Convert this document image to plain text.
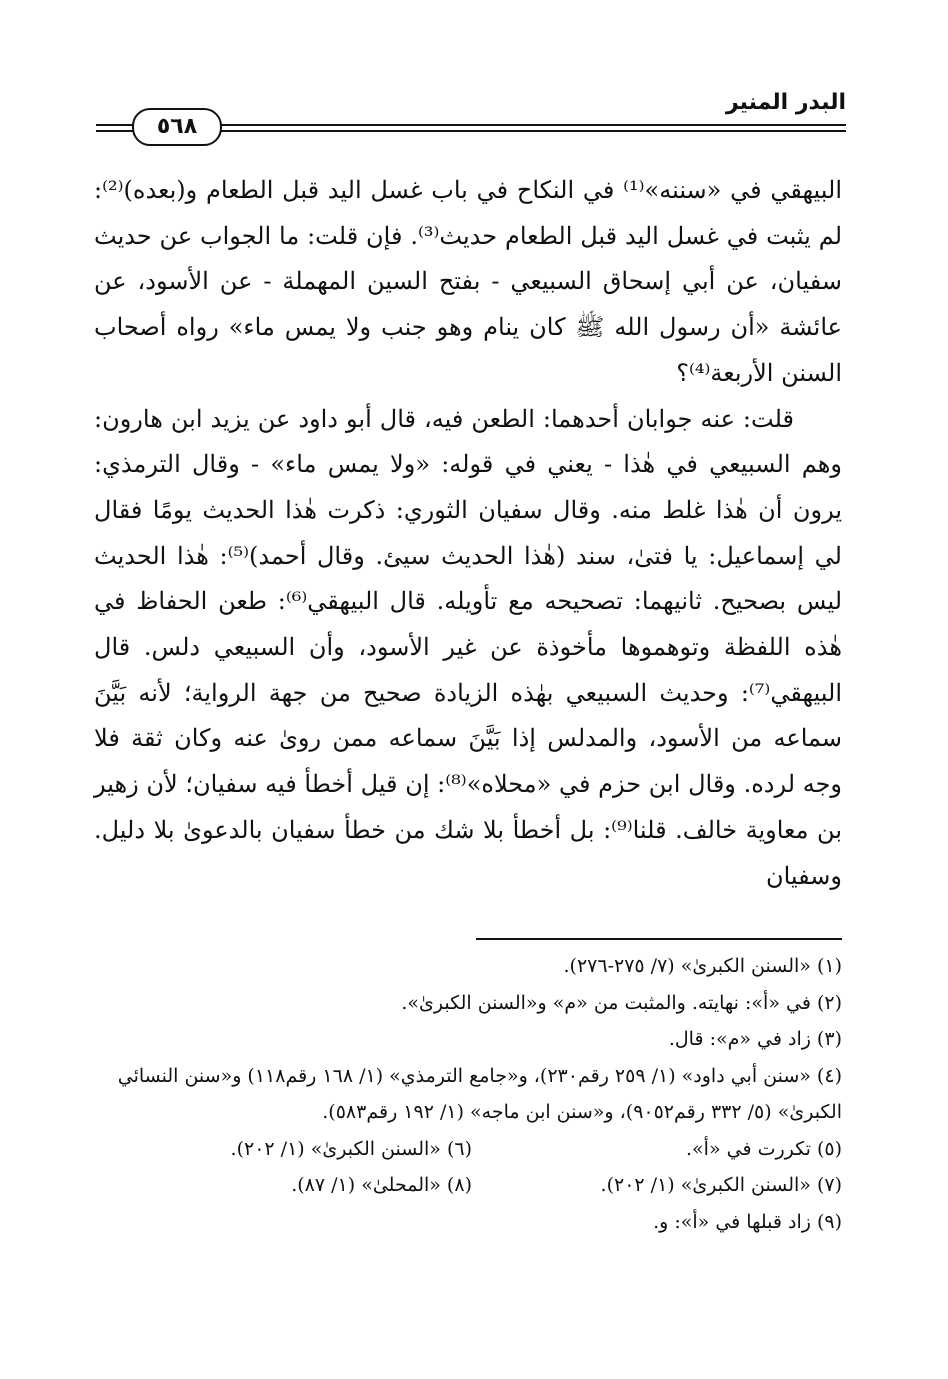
البدر المنير
٥٦٨

البيهقي في «سننه»⁽¹⁾ في النكاح في باب غسل اليد قبل الطعام و(بعده)⁽²⁾: لم يثبت في غسل اليد قبل الطعام حديث⁽³⁾. فإن قلت: ما الجواب عن حديث سفيان، عن أبي إسحاق السبيعي - بفتح السين المهملة - عن الأسود، عن عائشة «أن رسول الله ﷺ كان ينام وهو جنب ولا يمس ماء» رواه أصحاب السنن الأربعة⁽⁴⁾؟

قلت: عنه جوابان أحدهما: الطعن فيه، قال أبو داود عن يزيد ابن هارون: وهم السبيعي في هٰذا - يعني في قوله: «ولا يمس ماء» - وقال الترمذي: يرون أن هٰذا غلط منه. وقال سفيان الثوري: ذكرت هٰذا الحديث يومًا فقال لي إسماعيل: يا فتىٰ، سند (هٰذا الحديث سيئ. وقال أحمد)⁽⁵⁾: هٰذا الحديث ليس بصحيح. ثانيهما: تصحيحه مع تأويله. قال البيهقي⁽⁶⁾: طعن الحفاظ في هٰذه اللفظة وتوهموها مأخوذة عن غير الأسود، وأن السبيعي دلس. قال البيهقي⁽⁷⁾: وحديث السبيعي بهٰذه الزيادة صحيح من جهة الرواية؛ لأنه بَيَّنَ سماعه من الأسود، والمدلس إذا بَيَّنَ سماعه ممن روىٰ عنه وكان ثقة فلا وجه لرده. وقال ابن حزم في «محلاه»⁽⁸⁾: إن قيل أخطأ فيه سفيان؛ لأن زهير بن معاوية خالف. قلنا⁽⁹⁾: بل أخطأ بلا شك من خطأ سفيان بالدعوىٰ بلا دليل. وسفيان

(١) «السنن الكبرىٰ» (٧/ ٢٧٥-٢٧٦).

(٢) في «أ»: نهايته. والمثبت من «م» و«السنن الكبرىٰ».

(٣) زاد في «م»: قال.

(٤) «سنن أبي داود» (١/ ٢٥٩ رقم٢٣٠)، و«جامع الترمذي» (١/ ١٦٨ رقم١١٨) و«سنن النسائي الكبرىٰ» (٥/ ٣٣٢ رقم٩٠٥٢)، و«سنن ابن ماجه» (١/ ١٩٢ رقم٥٨٣).

(٥) تكررت في «أ».
(٦) «السنن الكبرىٰ» (١/ ٢٠٢).
(٧) «السنن الكبرىٰ» (١/ ٢٠٢).
(٨) «المحلىٰ» (١/ ٨٧).

(٩) زاد قبلها في «أ»: و.
